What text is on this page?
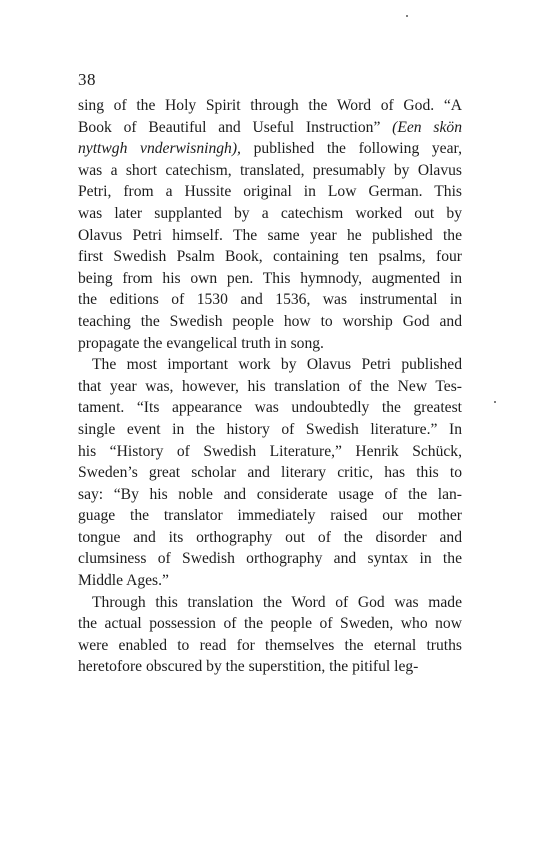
38
sing of the Holy Spirit through the Word of God. “A
Book of Beautiful and Useful Instruction” (Een skön
nyttwgh vnderwisningh), published the following year,
was a short catechism, translated, presumably by Olavus
Petri, from a Hussite original in Low German. This
was later supplanted by a catechism worked out by
Olavus Petri himself. The same year he published the
first Swedish Psalm Book, containing ten psalms, four
being from his own pen. This hymnody, augmented in
the editions of 1530 and 1536, was instrumental in
teaching the Swedish people how to worship God and
propagate the evangelical truth in song.
The most important work by Olavus Petri published
that year was, however, his translation of the New Tes-
tament. “Its appearance was undoubtedly the greatest
single event in the history of Swedish literature.” In
his “History of Swedish Literature,” Henrik Schück,
Sweden’s great scholar and literary critic, has this to
say: “By his noble and considerate usage of the lan-
guage the translator immediately raised our mother
tongue and its orthography out of the disorder and
clumsiness of Swedish orthography and syntax in the
Middle Ages.”
Through this translation the Word of God was made
the actual possession of the people of Sweden, who now
were enabled to read for themselves the eternal truths
heretofore obscured by the superstition, the pitiful leg-
